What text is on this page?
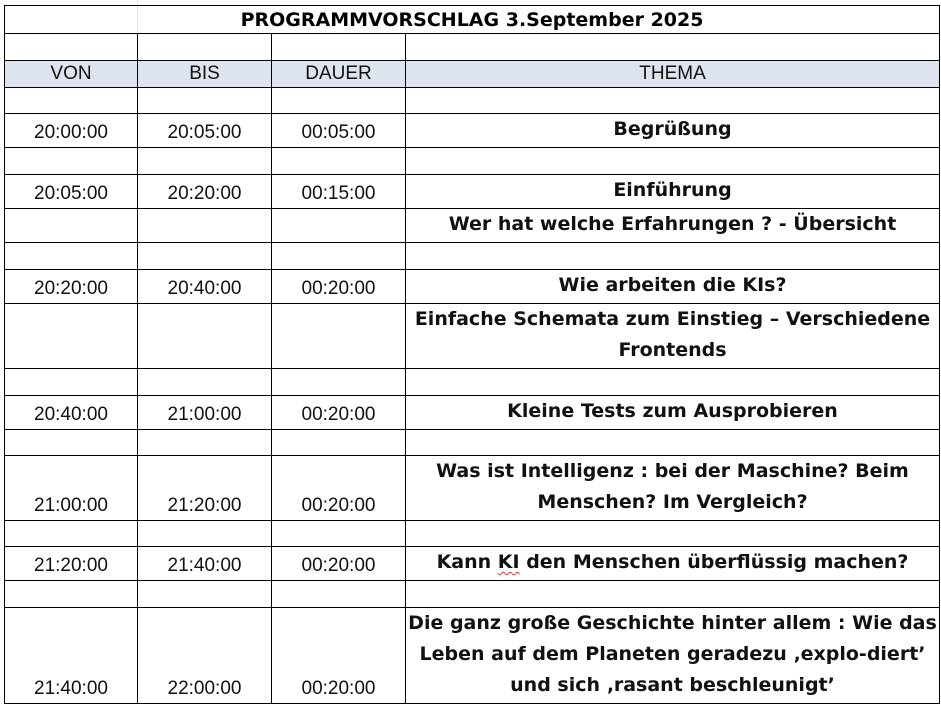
PROGRAMMVORSCHLAG 3.September 2025			

VON	BIS	DAUER	THEMA

20:00:00	20:05:00	00:05:00	Begrüßung

20:05:00	20:20:00	00:15:00	Einführung
			Wer hat welche Erfahrungen ? - Übersicht

20:20:00	20:40:00	00:20:00	Wie arbeiten die KIs?
			Einfache Schemata zum Einstieg – Verschiedene Frontends

20:40:00	21:00:00	00:20:00	Kleine Tests zum Ausprobieren

21:00:00	21:20:00	00:20:00	Was ist Intelligenz : bei der Maschine? Beim Menschen? Im Vergleich?

21:20:00	21:40:00	00:20:00	Kann KI den Menschen überflüssig machen?

21:40:00	22:00:00	00:20:00	Die ganz große Geschichte hinter allem : Wie das Leben auf dem Planeten geradezu ‚explo-diert’ und sich ‚rasant beschleunigt’
